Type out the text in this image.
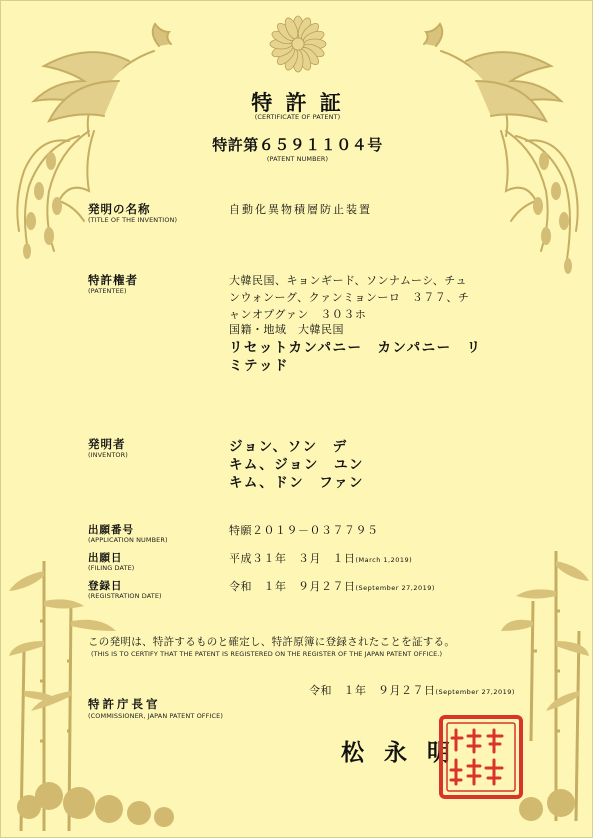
特 許 証
(CERTIFICATE OF PATENT)
特許第６５９１１０４号
(PATENT NUMBER)
発明の名称
(TITLE OF THE INVENTION)
自動化異物積層防止装置
特許権者
(PATENTEE)
大韓民国、キョンギード、ソンナムーシ、チュ
ンウォンーグ、クァンミョンーロ　３７７、チ
ャンオプグァン　３０３ホ
国籍・地域　大韓民国
リセットカンパニー　カンパニー　リ
ミテッド
発明者
(INVENTOR)	ジョン、ソン　デ
キム、ジョン　ユン
キム、ドン　ファン
出願番号
(APPLICATION NUMBER)
特願２０１９－０３７７９５
出願日
(FILING DATE)
平成３１年　３月　１日(March 1,2019)
登録日
(REGISTRATION DATE)
令和　１年　９月２７日(September 27,2019)
この発明は、特許するものと確定し、特許原簿に登録されたことを証する。
(THIS IS TO CERTIFY THAT THE PATENT IS REGISTERED ON THE REGISTER OF THE JAPAN PATENT OFFICE.)
令和　１年　９月２７日(September 27,2019)
特許庁長官
(COMMISSIONER, JAPAN PATENT OFFICE)
松 永 明
